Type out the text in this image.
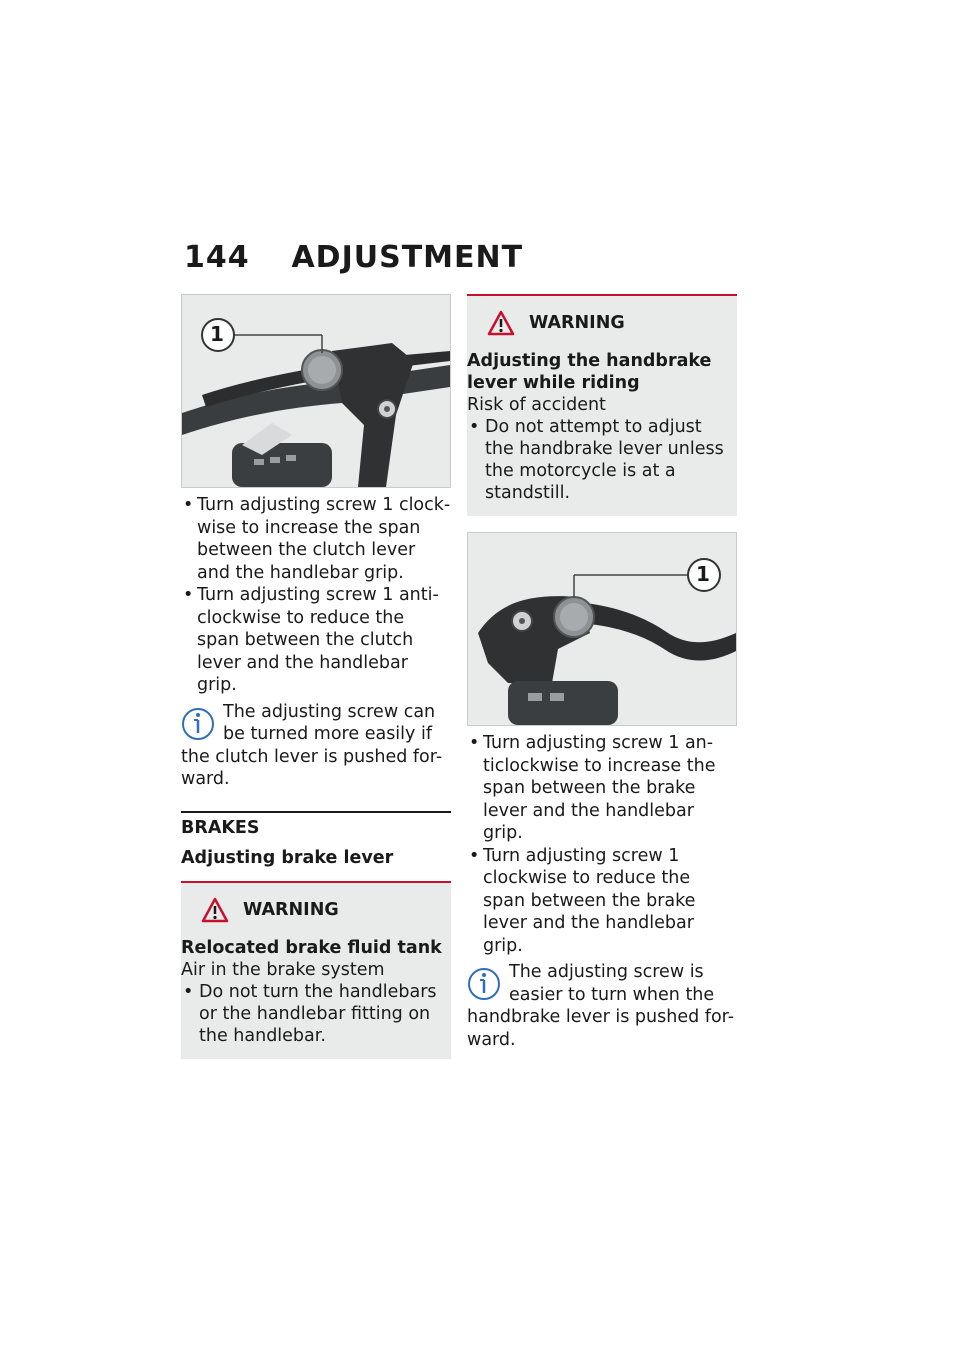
144 ADJUSTMENT
1
• Turn adjusting screw 1 clock-wise to increase the span between the clutch lever and the handlebar grip.
• Turn adjusting screw 1 anti-clockwise to reduce the span between the clutch lever and the handlebar grip.
The adjusting screw can
be turned more easily if
the clutch lever is pushed for-ward.
BRAKES
Adjusting brake lever
WARNING
Relocated brake fluid tank
Air in the brake system
• Do not turn the handlebars or the handlebar fitting on the handlebar.
WARNING
Adjusting the handbrake lever while riding
Risk of accident
• Do not attempt to adjust the handbrake lever unless the motorcycle is at a standstill.
1
• Turn adjusting screw 1 an-ticlockwise to increase the span between the brake lever and the handlebar grip.
• Turn adjusting screw 1 clockwise to reduce the span between the brake lever and the handlebar grip.
The adjusting screw is
easier to turn when the
handbrake lever is pushed for-ward.
